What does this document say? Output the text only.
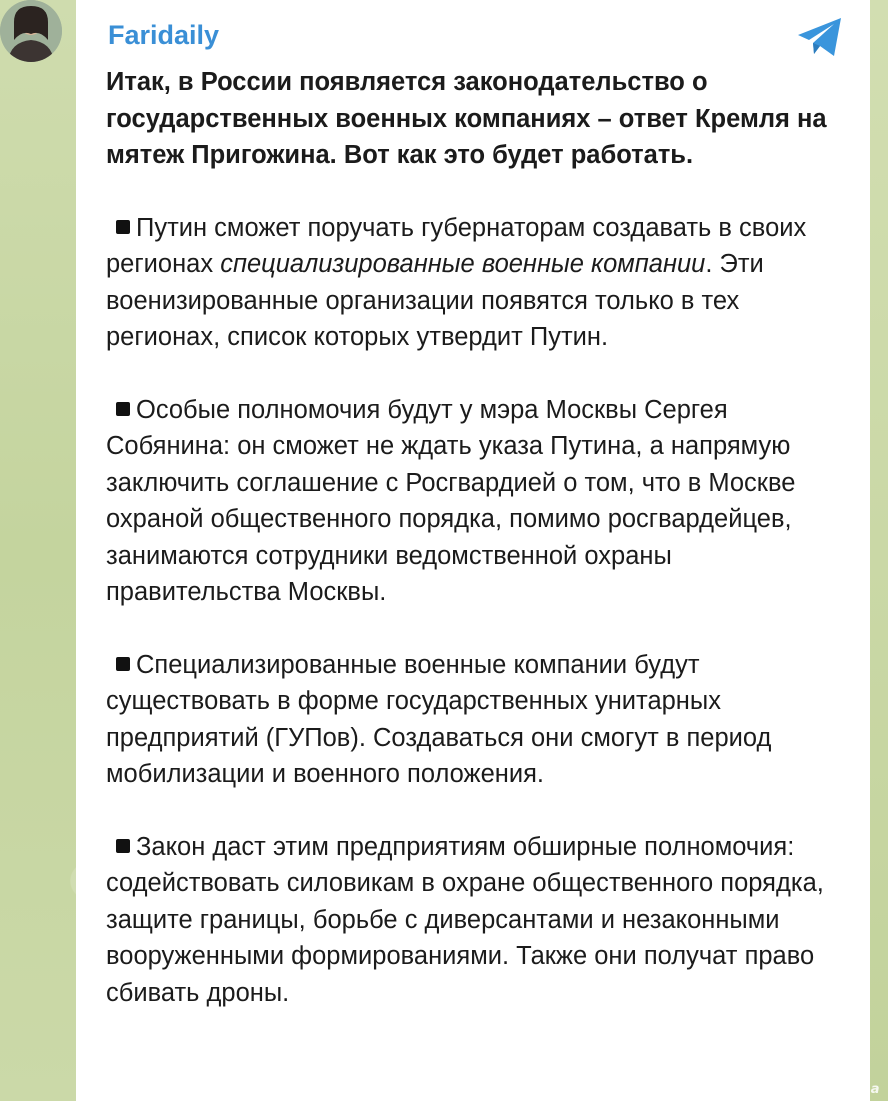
Faridaily

Итак, в России появляется законодательство о государственных военных компаниях – ответ Кремля на мятеж Пригожина. Вот как это будет работать.

Путин сможет поручать губернаторам создавать в своих регионах специализированные военные компании. Эти военизированные организации появятся только в тех регионах, список которых утвердит Путин.

Особые полномочия будут у мэра Москвы Сергея Собянина: он сможет не ждать указа Путина, а напрямую заключить соглашение с Росгвардией о том, что в Москве охраной общественного порядка, помимо росгвардейцев, занимаются сотрудники ведомственной охраны правительства Москвы.

Специализированные военные компании будут существовать в форме государственных унитарных предприятий (ГУПов). Создаваться они смогут в период мобилизации и военного положения.

Закон даст этим предприятиям обширные полномочия: содействовать силовикам в охране общественного порядка, защите границы, борьбе с диверсантами и незаконными вооруженными формированиями. Также они получат право сбивать дроны.

nevsedoma.com.ua
